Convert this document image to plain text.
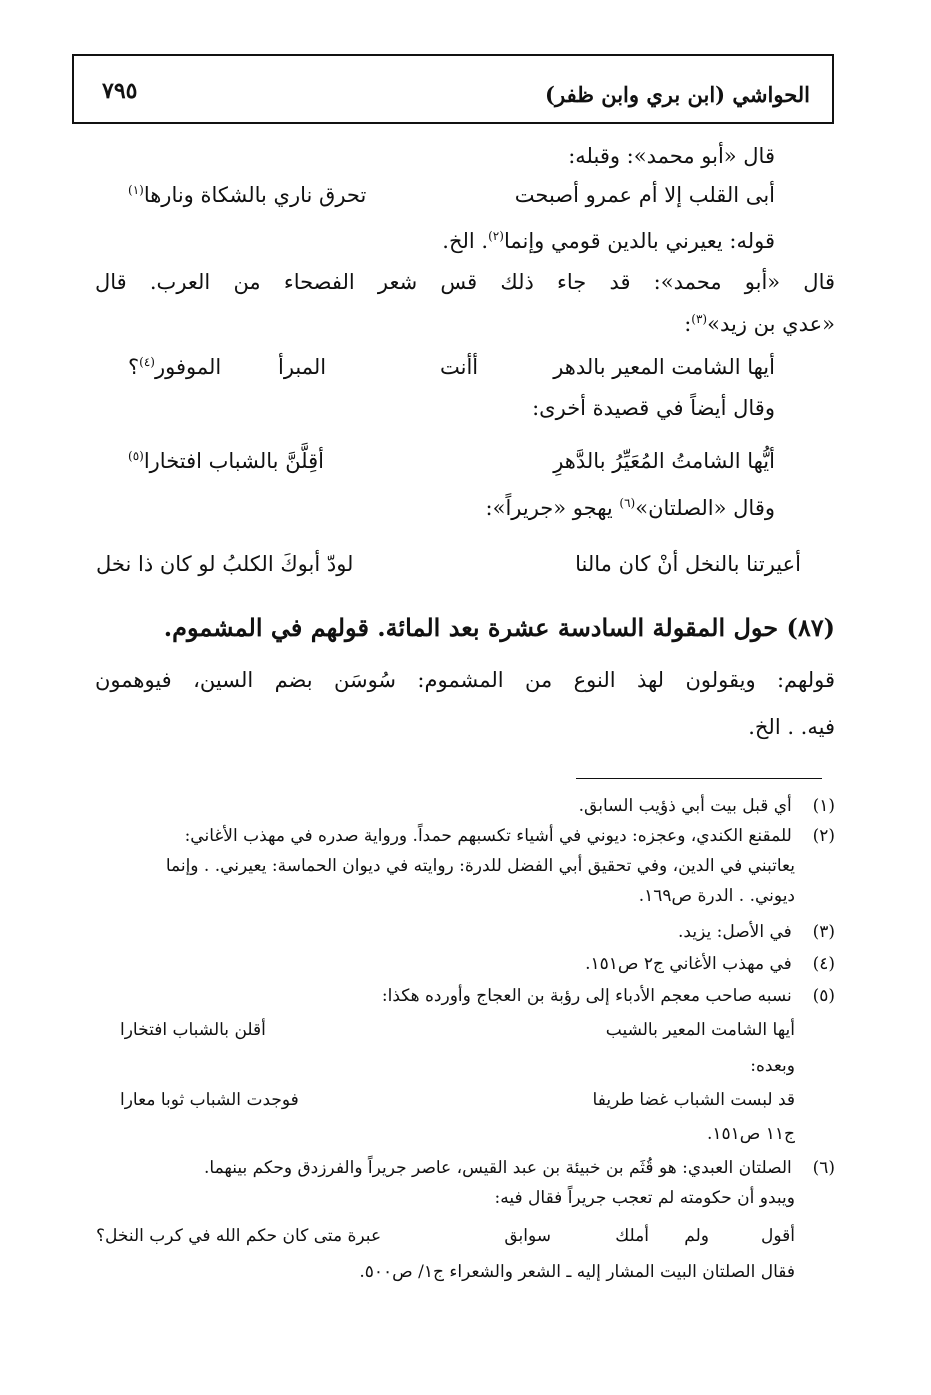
الحواشي (ابن بري وابن ظفر)
٧٩٥
قال «أبو محمد»: وقبله:
أبى القلب إلا أم عمرو أصبحت
تحرق ناري بالشكاة ونارها$^{(١)}$
قوله: يعيرني بالدين قومي وإنما$^{(٢)}$. الخ.
قال «أبو محمد»: قد جاء ذلك قس شعر الفصحاء من العرب. قال
«عدي بن زيد»$^{(٣)}$:
أيها الشامت المعير بالدهر
أأنت
المبرأ
الموفور$^{(٤)}$؟
وقال أيضاً في قصيدة أخرى:
أيُّها الشامتُ المُعَيِّرُ بالدَّهرِ
أقِلَّنَّ بالشباب افتخارا$^{(٥)}$
وقال «الصلتان»$^{(٦)}$ يهجو «جريراً»:
أعيرتنا بالنخل أنْ كان مالنا
لودّ أبوكَ الكلبُ لو كان ذا نخل
(٨٧) حول المقولة السادسة عشرة بعد المائة. قولهم في المشموم.
قولهم: ويقولون لهذ النوع من المشموم: سُوسَن بضم السين، فيوهمون
فيه. . الخ.
(١)  أي قبل بيت أبي ذؤيب السابق.
(٢)  للمقنع الكندي، وعجزه: ديوني في أشياء تكسبهم حمداً. ورواية صدره في مهذب الأغاني:
يعاتبني في الدين، وفي تحقيق أبي الفضل للدرة: روايته في ديوان الحماسة: يعيرني. . وإنما
ديوني. . الدرة ص١٦٩.
(٣)  في الأصل: يزيد.
(٤)  في مهذب الأغاني ج٢ ص١٥١.
(٥)  نسبه صاحب معجم الأدباء إلى رؤبة بن العجاج وأورده هكذا:
أيها الشامت المعير بالشيب
أقلن بالشباب افتخارا
وبعده:
قد لبست الشباب غضا طريفا
فوجدت الشباب ثوبا معارا
ج١١ ص١٥١.
(٦)  الصلتان العبدي: هو قُثَم بن خبيئة بن عبد القيس، عاصر جريراً والفرزدق وحكم بينهما.
ويبدو أن حكومته لم تعجب جريراً فقال فيه:
أقول
ولم
أملك
سوابق
عبرة متى كان حكم الله في كرب النخل؟
فقال الصلتان البيت المشار إليه ـ الشعر والشعراء ج١/ ص٥٠٠.
